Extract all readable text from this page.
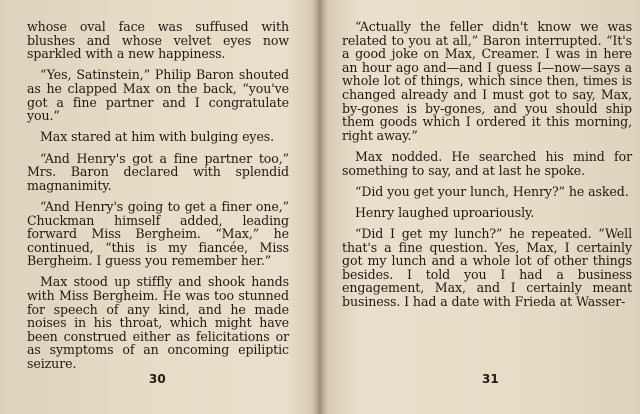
whose oval face was suffused with blushes and whose velvet eyes now sparkled with a new happiness.

“Yes, Satinstein,” Philip Baron shouted as he clapped Max on the back, “you've got a fine partner and I congratulate you.”

Max stared at him with bulging eyes.

“And Henry's got a fine partner too,” Mrs. Baron declared with splendid magnanimity.

“And Henry's going to get a finer one,” Chuckman himself added, leading forward Miss Bergheim. “Max,” he continued, “this is my fiancée, Miss Bergheim. I guess you remember her.”

Max stood up stiffly and shook hands with Miss Bergheim. He was too stunned for speech of any kind, and he made noises in his throat, which might have been construed either as felicitations or as symptoms of an oncoming epiliptic seizure.

30

“Actually the feller didn't know we was related to you at all,” Baron interrupted. “It's a good joke on Max, Creamer. I was in here an hour ago and—and I guess I—now—says a whole lot of things, which since then, times is changed already and I must got to say, Max, by-gones is by-gones, and you should ship them goods which I ordered it this morning, right away.”

Max nodded. He searched his mind for something to say, and at last he spoke.

“Did you get your lunch, Henry?” he asked.

Henry laughed uproariously.

“Did I get my lunch?” he repeated. “Well that's a fine question. Yes, Max, I certainly got my lunch and a whole lot of other things besides. I told you I had a business engagement, Max, and I certainly meant business. I had a date with Frieda at Wasser-

31
